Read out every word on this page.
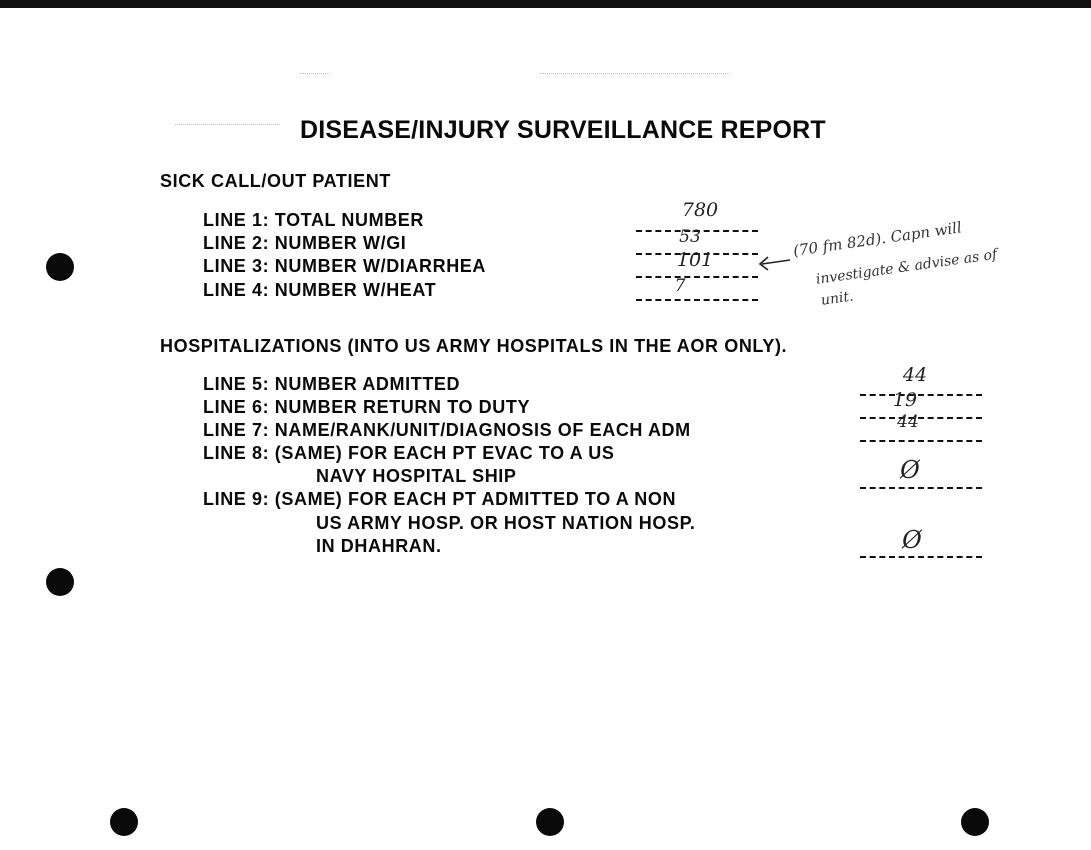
DISEASE/INJURY SURVEILLANCE REPORT
SICK CALL/OUT PATIENT
LINE 1: TOTAL NUMBER
LINE 2: NUMBER W/GI
LINE 3: NUMBER W/DIARRHEA
LINE 4: NUMBER W/HEAT
780
53
101
7
(70 fm 82d). Capn will
investigate & advise as of
unit.
HOSPITALIZATIONS (INTO US ARMY HOSPITALS IN THE AOR ONLY).
LINE 5: NUMBER ADMITTED
LINE 6: NUMBER RETURN TO DUTY
LINE 7: NAME/RANK/UNIT/DIAGNOSIS OF EACH ADM
LINE 8: (SAME) FOR EACH PT EVAC TO A US
NAVY HOSPITAL SHIP
LINE 9: (SAME) FOR EACH PT ADMITTED TO A NON
US ARMY HOSP. OR HOST NATION HOSP.
IN DHAHRAN.
44
19
44
Ø
Ø
